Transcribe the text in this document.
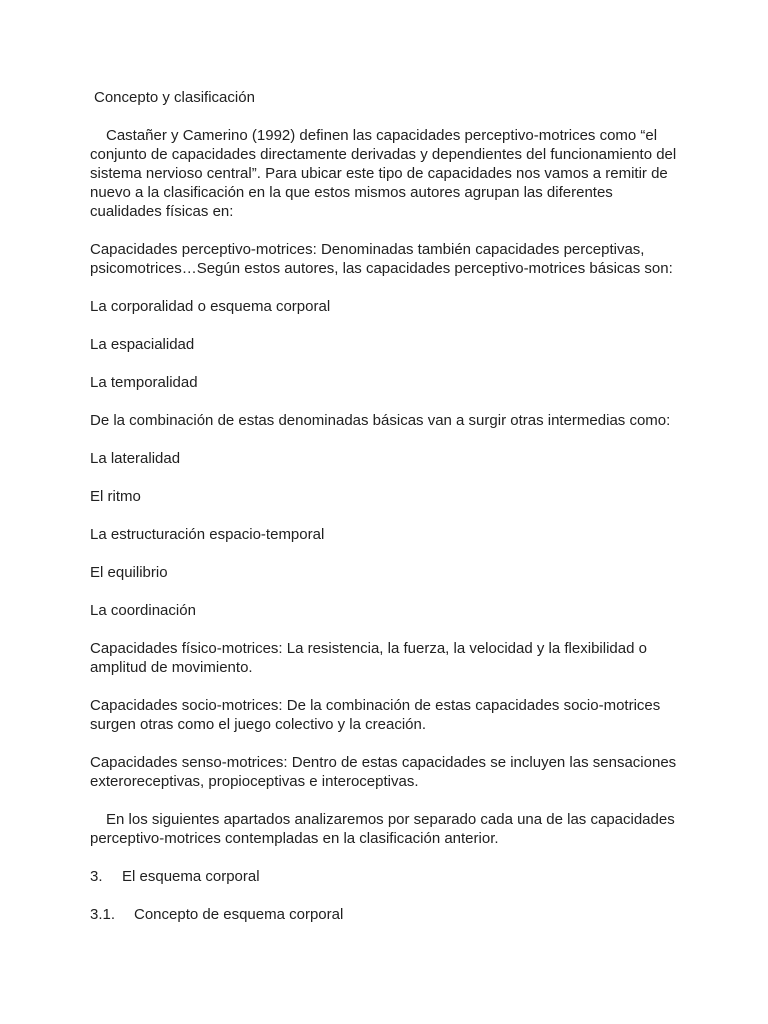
Concepto y clasificación

Castañer y Camerino (1992) definen las capacidades perceptivo-motrices como “el conjunto de capacidades directamente derivadas y dependientes del funcionamiento del sistema nervioso central”. Para ubicar este tipo de capacidades nos vamos a remitir de nuevo a la clasificación en la que estos mismos autores agrupan las diferentes cualidades físicas en:

Capacidades perceptivo-motrices: Denominadas también capacidades perceptivas, psicomotrices…Según estos autores, las capacidades perceptivo-motrices básicas son:

La corporalidad o esquema corporal

La espacialidad

La temporalidad

De la combinación de estas denominadas básicas van a surgir otras intermedias como:

La lateralidad

El ritmo

La estructuración espacio-temporal

El equilibrio

La coordinación

Capacidades físico-motrices: La resistencia, la fuerza, la velocidad y la flexibilidad o amplitud de movimiento.

Capacidades socio-motrices: De la combinación de estas capacidades socio-motrices surgen otras como el juego colectivo y la creación.

Capacidades senso-motrices: Dentro de estas capacidades se incluyen las sensaciones exteroreceptivas, propioceptivas e interoceptivas.

En los siguientes apartados analizaremos por separado cada una de las capacidades perceptivo-motrices contempladas en la clasificación anterior.

3. El esquema corporal

3.1. Concepto de esquema corporal
